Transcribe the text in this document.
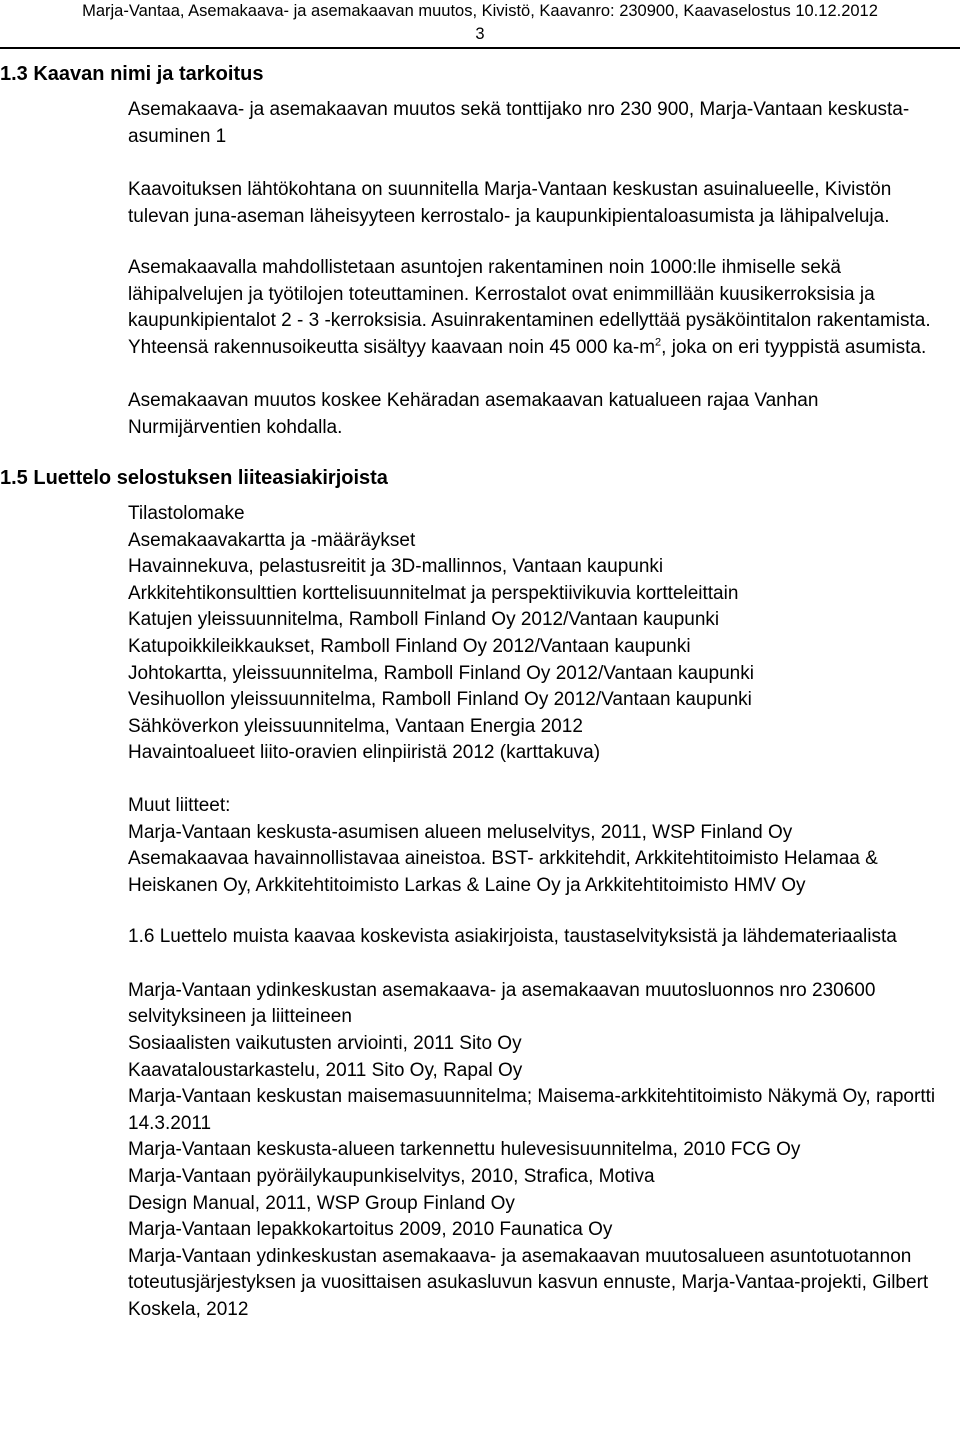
Marja-Vantaa, Asemakaava- ja asemakaavan muutos, Kivistö, Kaavanro: 230900, Kaavaselostus 10.12.2012
3
1.3 Kaavan nimi ja tarkoitus

Asemakaava- ja asemakaavan muutos sekä tonttijako nro 230 900, Marja-Vantaan keskusta-asuminen 1

Kaavoituksen lähtökohtana on suunnitella Marja-Vantaan keskustan asuinalueelle, Kivistön tulevan juna-aseman läheisyyteen kerrostalo- ja kaupunkipientaloasumista ja lähipalveluja.

Asemakaavalla mahdollistetaan asuntojen rakentaminen noin 1000:lle ihmiselle sekä lähipalvelujen ja työtilojen toteuttaminen. Kerrostalot ovat enimmillään kuusikerroksisia ja kaupunkipientalot 2 - 3 -kerroksisia. Asuinrakentaminen edellyttää pysäköintitalon rakentamista. Yhteensä rakennusoikeutta sisältyy kaavaan noin 45 000 $ka-m^2$, joka on eri tyyppistä asumista.

Asemakaavan muutos koskee Kehäradan asemakaavan katualueen rajaa Vanhan Nurmijärventien kohdalla.

1.5 Luettelo selostuksen liiteasiakirjoista
Tilastolomake
Asemakaavakartta ja -määräykset
Havainnekuva, pelastusreitit ja 3D-mallinnos, Vantaan kaupunki
Arkkitehtikonsulttien korttelisuunnitelmat ja perspektiivikuvia kortteleittain
Katujen yleissuunnitelma, Ramboll Finland Oy 2012/Vantaan kaupunki
Katupoikkileikkaukset, Ramboll Finland Oy 2012/Vantaan kaupunki
Johtokartta, yleissuunnitelma, Ramboll Finland Oy 2012/Vantaan kaupunki
Vesihuollon yleissuunnitelma, Ramboll Finland Oy 2012/Vantaan kaupunki
Sähköverkon yleissuunnitelma, Vantaan Energia 2012
Havaintoalueet liito-oravien elinpiiristä 2012 (karttakuva)
Muut liitteet:
Marja-Vantaan keskusta-asumisen alueen meluselvitys, 2011, WSP Finland Oy
Asemakaavaa havainnollistavaa aineistoa. BST- arkkitehdit, Arkkitehtitoimisto Helamaa & Heiskanen Oy, Arkkitehtitoimisto Larkas & Laine Oy ja Arkkitehtitoimisto HMV Oy
1.6 Luettelo muista kaavaa koskevista asiakirjoista, taustaselvityksistä ja lähdemateriaalista
Marja-Vantaan ydinkeskustan asemakaava- ja asemakaavan muutosluonnos nro 230600 selvityksineen ja liitteineen
Sosiaalisten vaikutusten arviointi, 2011 Sito Oy
Kaavataloustarkastelu, 2011 Sito Oy, Rapal Oy
Marja-Vantaan keskustan maisemasuunnitelma; Maisema-arkkitehtitoimisto Näkymä Oy, raportti 14.3.2011
Marja-Vantaan keskusta-alueen tarkennettu hulevesisuunnitelma, 2010 FCG Oy
Marja-Vantaan pyöräilykaupunkiselvitys, 2010, Strafica, Motiva
Design Manual, 2011, WSP Group Finland Oy
Marja-Vantaan lepakkokartoitus 2009, 2010 Faunatica Oy
Marja-Vantaan ydinkeskustan asemakaava- ja asemakaavan muutosalueen asuntotuotannon toteutusjärjestyksen ja vuosittaisen asukasluvun kasvun ennuste, Marja-Vantaa-projekti, Gilbert Koskela, 2012
